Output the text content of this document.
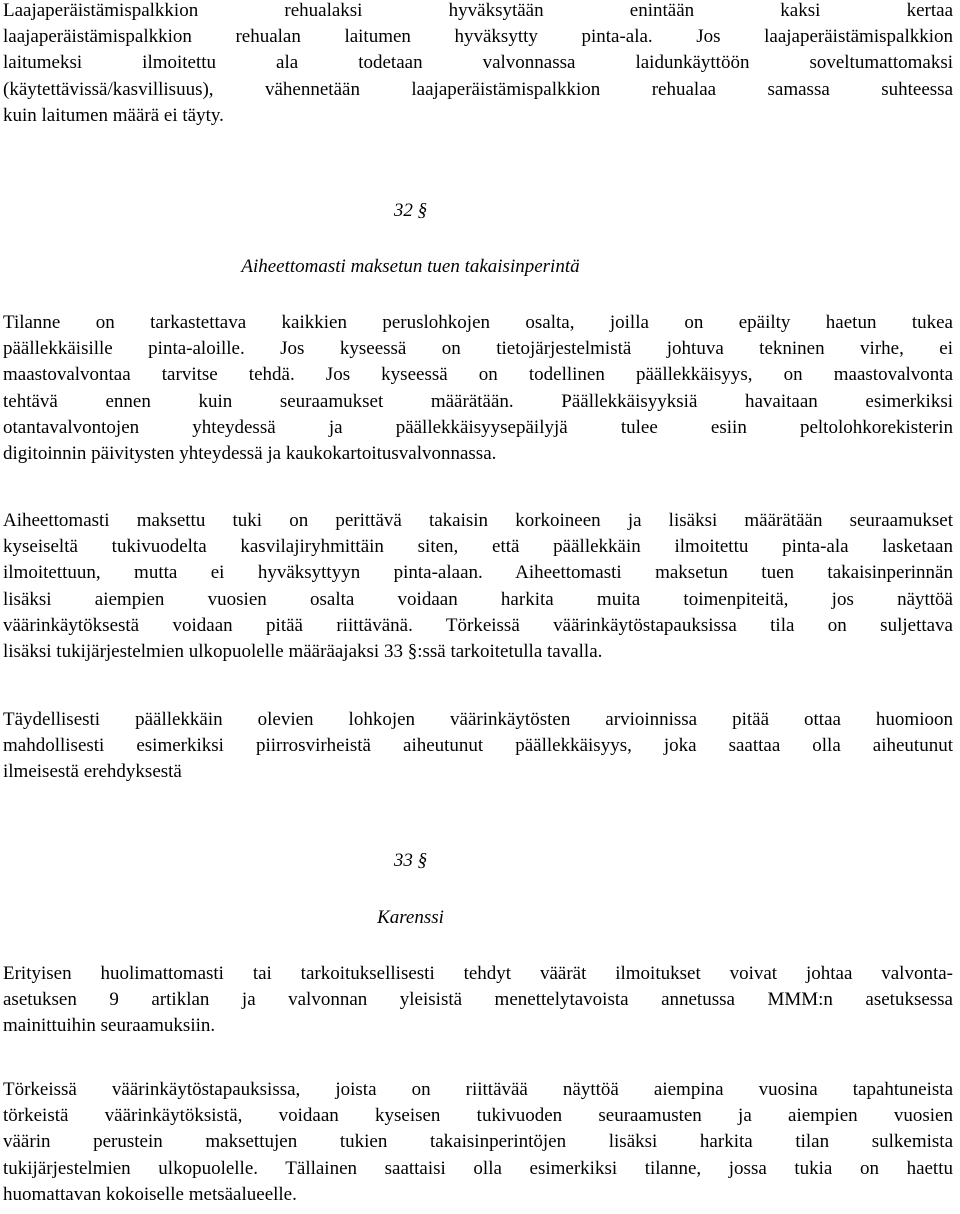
Laajaperäistämispalkkion rehualaksi hyväksytään enintään kaksi kertaa
laajaperäistämispalkkion rehualan laitumen hyväksytty pinta-ala. Jos laajaperäistämispalkkion
laitumeksi ilmoitettu ala todetaan valvonnassa laidunkäyttöön soveltumattomaksi
(käytettävissä/kasvillisuus), vähennetään laajaperäistämispalkkion rehualaa samassa suhteessa
kuin laitumen määrä ei täyty.
32 §
Aiheettomasti maksetun tuen takaisinperintä
Tilanne on tarkastettava kaikkien peruslohkojen osalta, joilla on epäilty haetun tukea
päällekkäisille pinta-aloille. Jos kyseessä on tietojärjestelmistä johtuva tekninen virhe, ei
maastovalvontaa tarvitse tehdä. Jos kyseessä on todellinen päällekkäisyys, on maastovalvonta
tehtävä ennen kuin seuraamukset määrätään. Päällekkäisyyksiä havaitaan esimerkiksi
otantavalvontojen yhteydessä ja päällekkäisyysepäilyjä tulee esiin peltolohkorekisterin
digitoinnin päivitysten yhteydessä ja kaukokartoitusvalvonnassa.
Aiheettomasti maksettu tuki on perittävä takaisin korkoineen ja lisäksi määrätään seuraamukset
kyseiseltä tukivuodelta kasvilajiryhmittäin siten, että päällekkäin ilmoitettu pinta-ala lasketaan
ilmoitettuun, mutta ei hyväksyttyyn pinta-alaan. Aiheettomasti maksetun tuen takaisinperinnän
lisäksi aiempien vuosien osalta voidaan harkita muita toimenpiteitä, jos näyttöä
väärinkäytöksestä voidaan pitää riittävänä. Törkeissä väärinkäytöstapauksissa tila on suljettava
lisäksi tukijärjestelmien ulkopuolelle määräajaksi 33 §:ssä tarkoitetulla tavalla.
Täydellisesti päällekkäin olevien lohkojen väärinkäytösten arvioinnissa pitää ottaa huomioon
mahdollisesti esimerkiksi piirrosvirheistä aiheutunut päällekkäisyys, joka saattaa olla aiheutunut
ilmeisestä erehdyksestä
33 §
Karenssi
Erityisen huolimattomasti tai tarkoituksellisesti tehdyt väärät ilmoitukset voivat johtaa valvonta-
asetuksen 9 artiklan ja valvonnan yleisistä menettelytavoista annetussa MMM:n asetuksessa
mainittuihin seuraamuksiin.
Törkeissä väärinkäytöstapauksissa, joista on riittävää näyttöä aiempina vuosina tapahtuneista
törkeistä väärinkäytöksistä, voidaan kyseisen tukivuoden seuraamusten ja aiempien vuosien
väärin perustein maksettujen tukien takaisinperintöjen lisäksi harkita tilan sulkemista
tukijärjestelmien ulkopuolelle. Tällainen saattaisi olla esimerkiksi tilanne, jossa tukia on haettu
huomattavan kokoiselle metsäalueelle.
